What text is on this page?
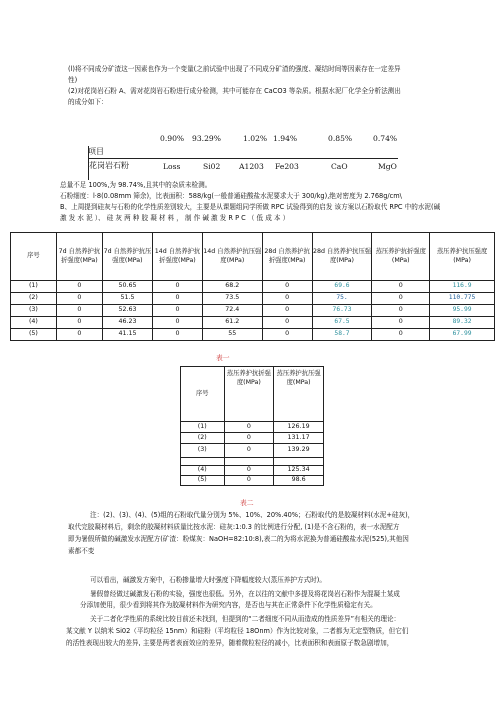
(l)将不同成分矿渣这一因素也作为一个变量(之前试验中出现了不同成分矿渣的强度、凝结时间等因素存在一定差异
性)
(2)对花岗岩石粉 A、需对花岗岩石粉进行成分检测，其中可能存在 CaCO3 等杂质。根据水泥厂化学全分析法测出
的成分如下：
0.90% 93.29%	1.02% 1.94%	0.85%	0.74%
项目
花岗岩石粉	Loss	Si02 A1203 Fe203	CaO	MgO
总量不足 100%,为 98.74%,且其中的杂质未检测。
石粉细度：l·8(0.08mm 筛余)，比表面积：588/kg(一般普通硅酸盐水泥要求大于 300/kg),绝对密度为 2.768g/cm\
B、上周提到硅灰与石粉的化学性质差别较大，主要是从课题组同学所做 RPC 试验得到的启发 该方案以石粉取代 RPC 中的水泥(碱
激 发 水 泥 ）、 硅 灰 两 种 胶 凝 材 料 ， 制 作 碱 激 发 R P C （ 低 成 本 ）
序号	7d 自然养护抗折强度(MPa)	7d 自然养护抗压强度(MPa)	14d 自然养护抗折强度(MPa)	14d 自然养护抗压强度(MPa)	28d 自然养护抗折强度(MPa)	28d 自然养护抗压强度(MPa)	蒸压养护抗折强度(MPa)	蒸压养护抗压强度(MPa)
(1)	0	50.65	0	68.2	0	69.6	0	116.9
(2)	0	51.5	0	73.5	0	75.	0	110.775
(3)	0	52.63	0	72.4	0	76.73	0	95.99
(4)	0	46.23	0	61.2	0	67.5	0	89.32
(5)	0	41.15	0	55	0	58.7	0	67.99
表一
序号	蒸压养护抗折强度(MPa)	蒸压养护抗压强度(MPa)
(1)	0	126.19
(2)	0	131.17
(3)	0	139.29

(4)	0	125.34
(5)	0	98.6
表二
注：(2)、(3)、(4)、(5)组的石粉取代量分别为 5%、10%、20%.40%；石粉取代的是胶凝材料(水泥+硅灰)，
取代完胶凝材料后，剩余的胶凝材料质量比按水泥：硅灰:1:0.3 的比例进行分配, (1)是不含石粉的，表一水泥配方
即为暑假所做的碱激发水泥配方(矿渣：粉煤灰：NaOH=82:10:8),表二的为将水泥换为普通硅酸盐水泥(525),其他因
素都不变
可以看出，碱激发方案中，石粉掺量增大时强度下降幅度较大(蒸压养护方式时)。
暑假曾经做过碱激发石粉的实验，强度也很低。另外，在以往的文献中多提及将花岗岩石粉作为混凝土某成
分添加使用，很少看到将其作为胶凝材料作为研究内容，是否也与其在正常条件下化学性质稳定有关。
关于二者化学性质的系统比较目前还未找到，但提到的“二者细度不同从而造成的性质差异”有相关的理论：
某文献 Y 以纳米 Si02（平均粒径 15nm）和硅粉（平均粒径 18Onm）作为比较对象，二者都为无定型物质，但它们
的活性表现出较大的差异, 主要是两者表面效应的差异，随着微粒粒径的减小，比表面积和表面原子数急剧增加，
